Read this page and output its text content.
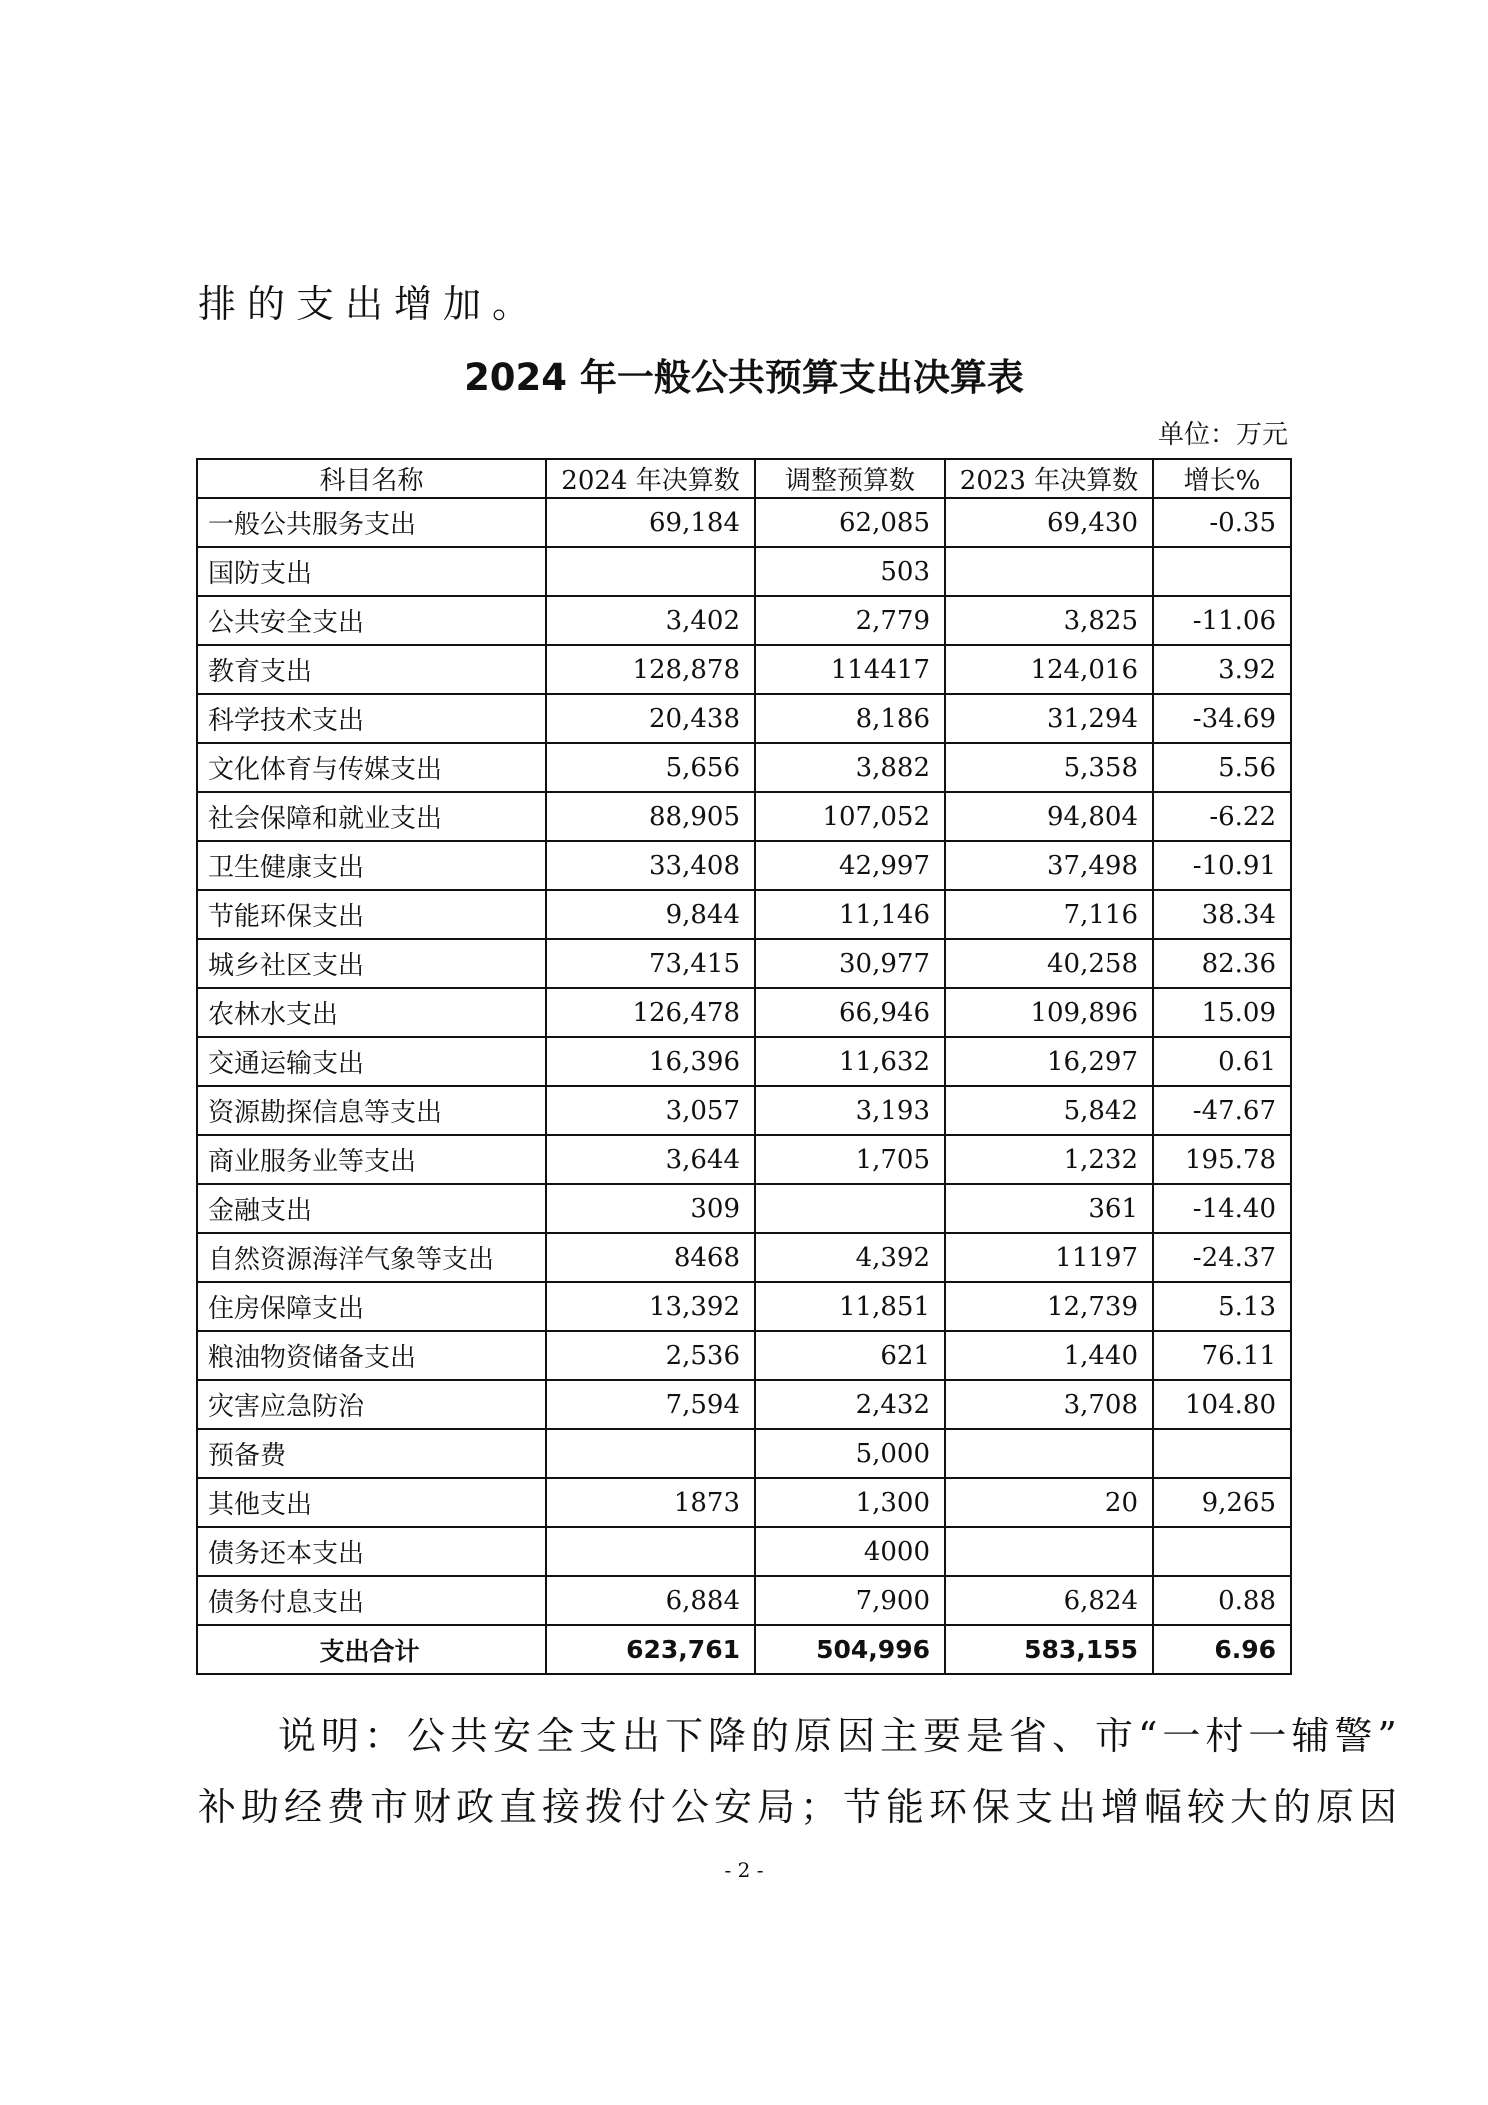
排的支出增加。
2024 年一般公共预算支出决算表
单位：万元
科目名称	2024 年决算数	调整预算数	2023 年决算数	增长%
一般公共服务支出	69,184	62,085	69,430	-0.35
国防支出		503		
公共安全支出	3,402	2,779	3,825	-11.06
教育支出	128,878	114417	124,016	3.92
科学技术支出	20,438	8,186	31,294	-34.69
文化体育与传媒支出	5,656	3,882	5,358	5.56
社会保障和就业支出	88,905	107,052	94,804	-6.22
卫生健康支出	33,408	42,997	37,498	-10.91
节能环保支出	9,844	11,146	7,116	38.34
城乡社区支出	73,415	30,977	40,258	82.36
农林水支出	126,478	66,946	109,896	15.09
交通运输支出	16,396	11,632	16,297	0.61
资源勘探信息等支出	3,057	3,193	5,842	-47.67
商业服务业等支出	3,644	1,705	1,232	195.78
金融支出	309		361	-14.40
自然资源海洋气象等支出	8468	4,392	11197	-24.37
住房保障支出	13,392	11,851	12,739	5.13
粮油物资储备支出	2,536	621	1,440	76.11
灾害应急防治	7,594	2,432	3,708	104.80
预备费		5,000		
其他支出	1873	1,300	20	9,265
债务还本支出		4000		
债务付息支出	6,884	7,900	6,824	0.88
支出合计	623,761	504,996	583,155	6.96
说明：公共安全支出下降的原因主要是省、市“一村一辅警”
补助经费市财政直接拨付公安局；节能环保支出增幅较大的原因
- 2 -
